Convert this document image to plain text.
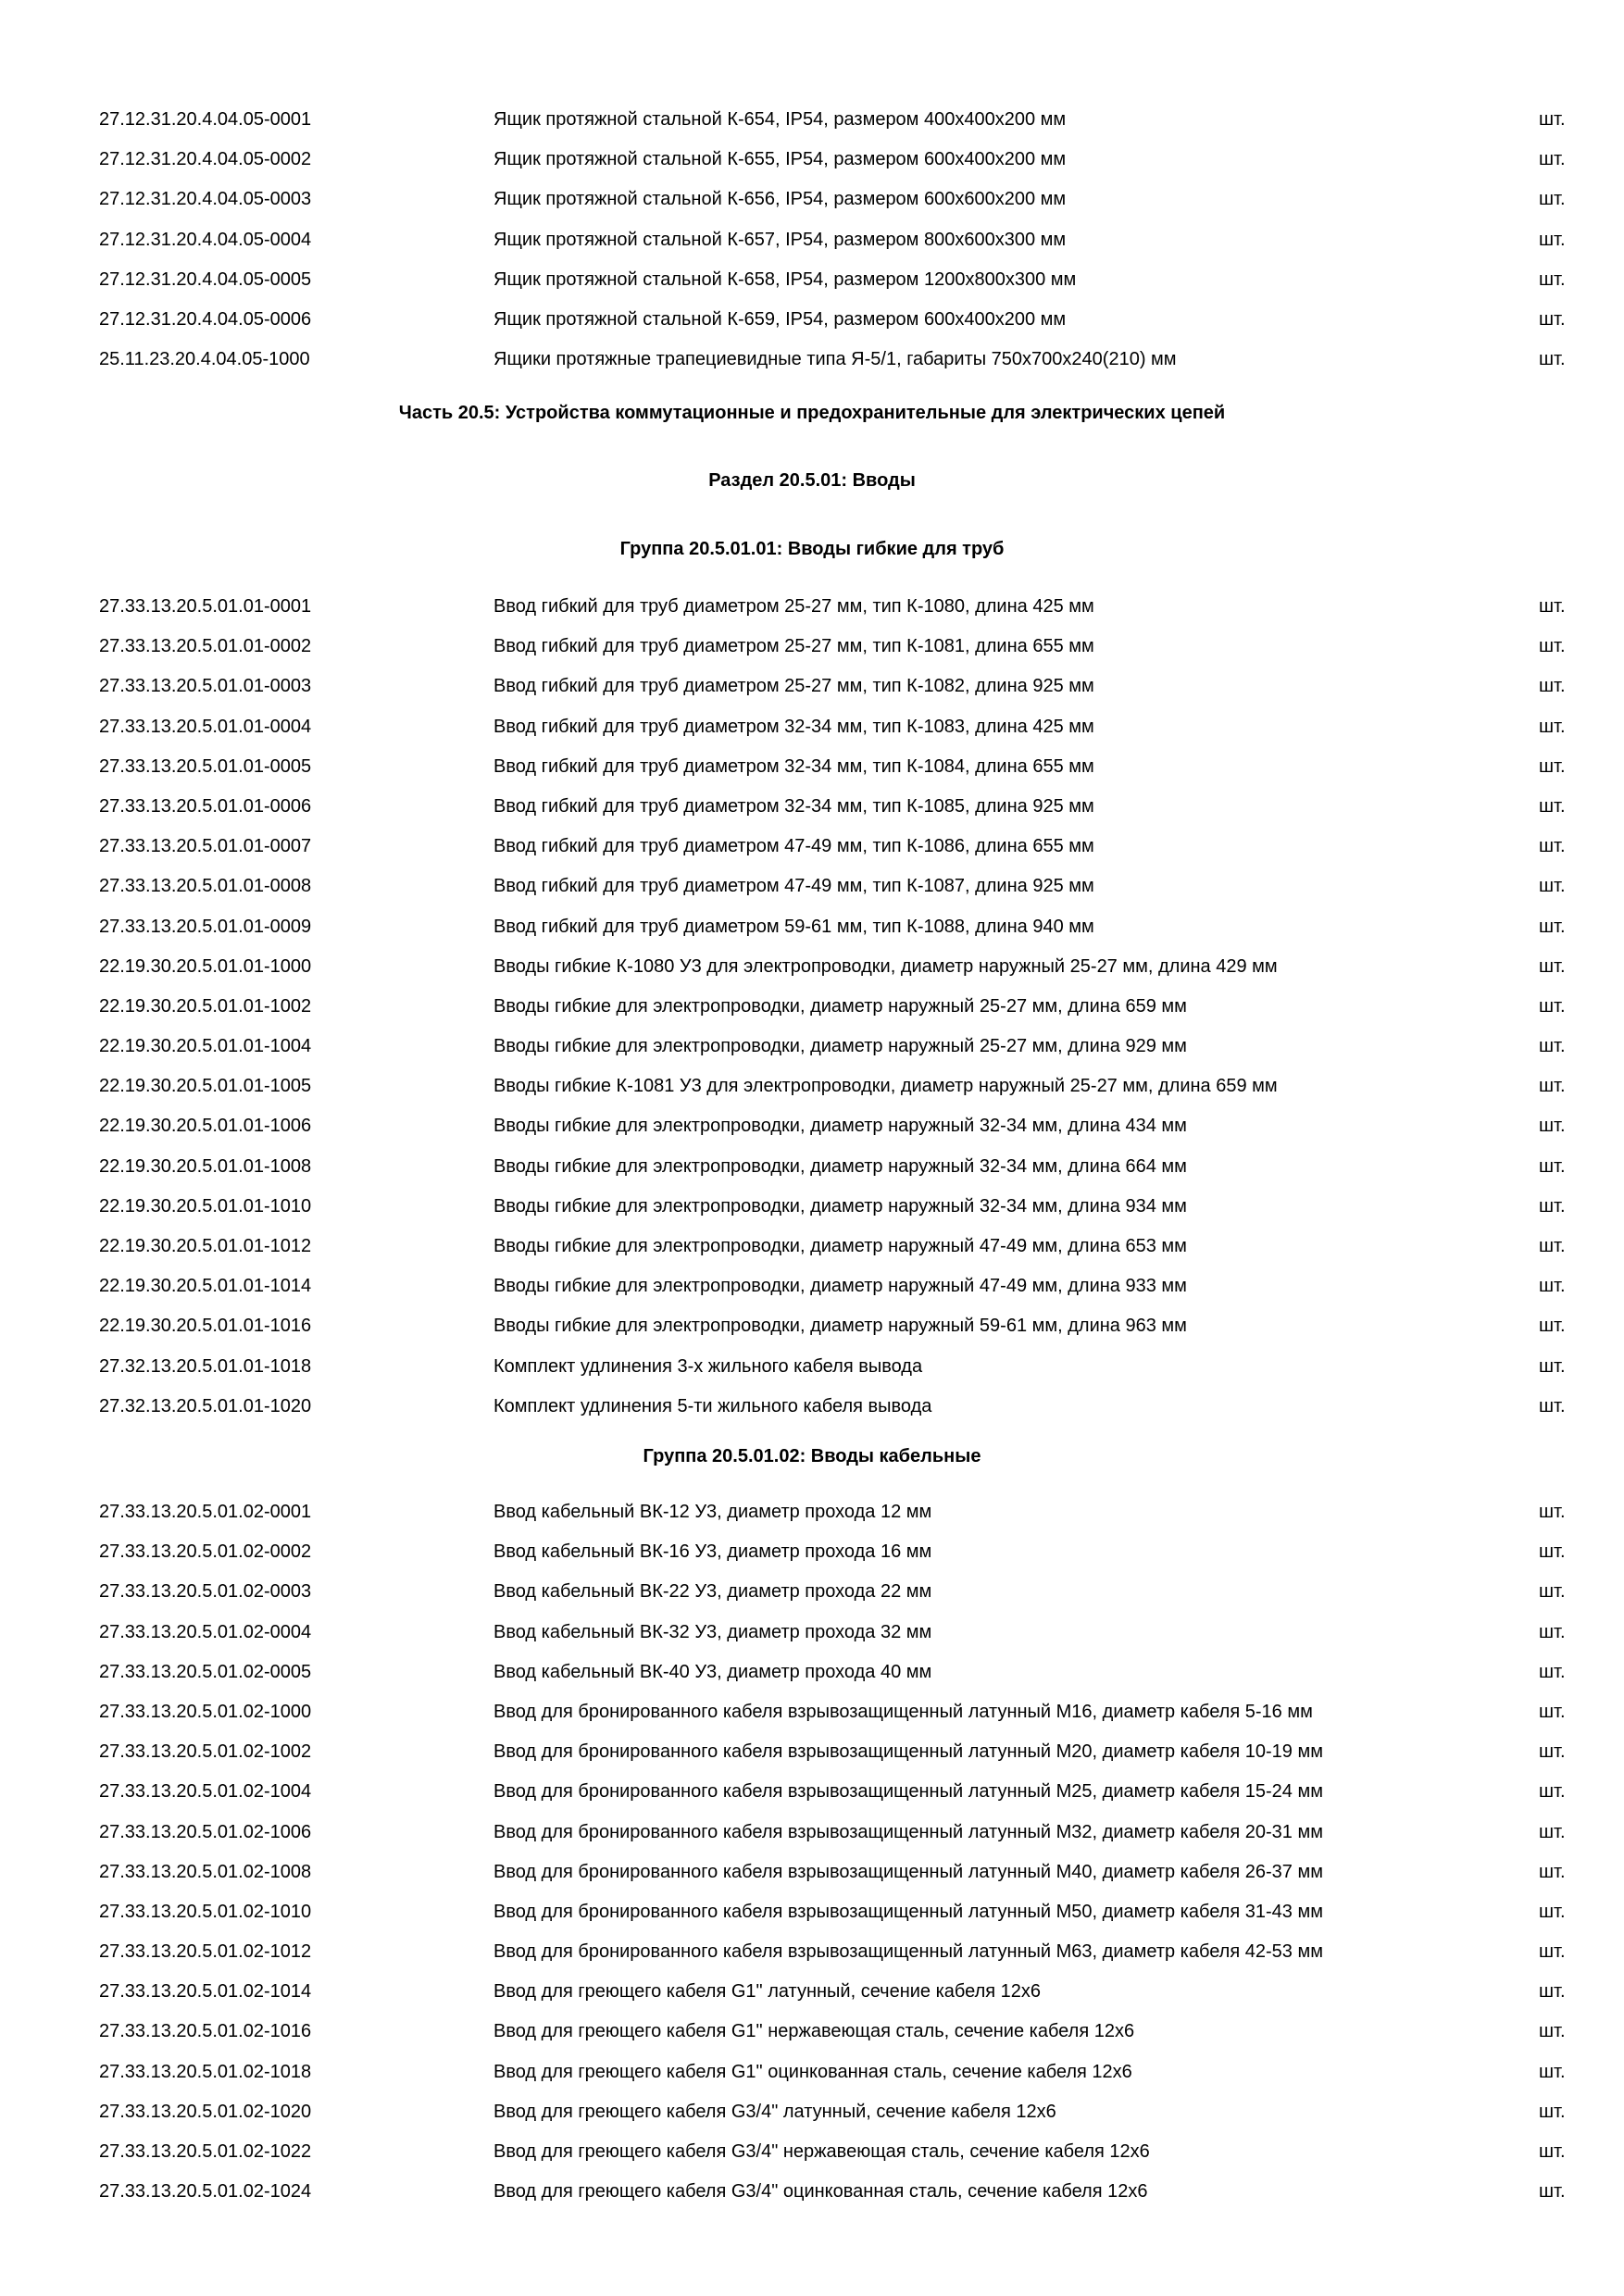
27.12.31.20.4.04.05-0001	Ящик протяжной стальной К-654, IP54, размером 400x400x200 мм	шт.
27.12.31.20.4.04.05-0002	Ящик протяжной стальной К-655, IP54, размером 600x400x200 мм	шт.
27.12.31.20.4.04.05-0003	Ящик протяжной стальной К-656, IP54, размером 600x600x200 мм	шт.
27.12.31.20.4.04.05-0004	Ящик протяжной стальной К-657, IP54, размером 800x600x300 мм	шт.
27.12.31.20.4.04.05-0005	Ящик протяжной стальной К-658, IP54, размером 1200x800x300 мм	шт.
27.12.31.20.4.04.05-0006	Ящик протяжной стальной К-659, IP54, размером 600x400x200 мм	шт.
25.11.23.20.4.04.05-1000	Ящики протяжные трапециевидные типа Я-5/1, габариты 750х700х240(210) мм	шт.
Часть 20.5: Устройства коммутационные и предохранительные для электрических цепей
Раздел 20.5.01: Вводы
Группа 20.5.01.01: Вводы гибкие для труб
27.33.13.20.5.01.01-0001	Ввод гибкий для труб диаметром 25-27 мм, тип К-1080, длина 425 мм	шт.
27.33.13.20.5.01.01-0002	Ввод гибкий для труб диаметром 25-27 мм, тип К-1081, длина 655 мм	шт.
27.33.13.20.5.01.01-0003	Ввод гибкий для труб диаметром 25-27 мм, тип К-1082, длина 925 мм	шт.
27.33.13.20.5.01.01-0004	Ввод гибкий для труб диаметром 32-34 мм, тип К-1083, длина 425 мм	шт.
27.33.13.20.5.01.01-0005	Ввод гибкий для труб диаметром 32-34 мм, тип К-1084, длина 655 мм	шт.
27.33.13.20.5.01.01-0006	Ввод гибкий для труб диаметром 32-34 мм, тип К-1085, длина 925 мм	шт.
27.33.13.20.5.01.01-0007	Ввод гибкий для труб диаметром 47-49 мм, тип К-1086, длина 655 мм	шт.
27.33.13.20.5.01.01-0008	Ввод гибкий для труб диаметром 47-49 мм, тип К-1087, длина 925 мм	шт.
27.33.13.20.5.01.01-0009	Ввод гибкий для труб диаметром 59-61 мм, тип К-1088, длина 940 мм	шт.
22.19.30.20.5.01.01-1000	Вводы гибкие К-1080 У3 для электропроводки, диаметр наружный 25-27 мм, длина 429 мм	шт.
22.19.30.20.5.01.01-1002	Вводы гибкие для электропроводки, диаметр наружный 25-27 мм, длина 659 мм	шт.
22.19.30.20.5.01.01-1004	Вводы гибкие для электропроводки, диаметр наружный 25-27 мм, длина 929 мм	шт.
22.19.30.20.5.01.01-1005	Вводы гибкие К-1081 У3 для электропроводки, диаметр наружный 25-27 мм, длина 659 мм	шт.
22.19.30.20.5.01.01-1006	Вводы гибкие для электропроводки, диаметр наружный 32-34 мм, длина 434 мм	шт.
22.19.30.20.5.01.01-1008	Вводы гибкие для электропроводки, диаметр наружный 32-34 мм, длина 664 мм	шт.
22.19.30.20.5.01.01-1010	Вводы гибкие для электропроводки, диаметр наружный 32-34 мм, длина 934 мм	шт.
22.19.30.20.5.01.01-1012	Вводы гибкие для электропроводки, диаметр наружный 47-49 мм, длина 653 мм	шт.
22.19.30.20.5.01.01-1014	Вводы гибкие для электропроводки, диаметр наружный 47-49 мм, длина 933 мм	шт.
22.19.30.20.5.01.01-1016	Вводы гибкие для электропроводки, диаметр наружный 59-61 мм, длина 963 мм	шт.
27.32.13.20.5.01.01-1018	Комплект удлинения 3-х жильного кабеля вывода	шт.
27.32.13.20.5.01.01-1020	Комплект удлинения 5-ти жильного кабеля вывода	шт.
Группа 20.5.01.02: Вводы кабельные
27.33.13.20.5.01.02-0001	Ввод кабельный ВК-12 У3, диаметр прохода 12 мм	шт.
27.33.13.20.5.01.02-0002	Ввод кабельный ВК-16 У3, диаметр прохода 16 мм	шт.
27.33.13.20.5.01.02-0003	Ввод кабельный ВК-22 У3, диаметр прохода 22 мм	шт.
27.33.13.20.5.01.02-0004	Ввод кабельный ВК-32 У3, диаметр прохода 32 мм	шт.
27.33.13.20.5.01.02-0005	Ввод кабельный ВК-40 У3, диаметр прохода 40 мм	шт.
27.33.13.20.5.01.02-1000	Ввод для бронированного кабеля взрывозащищенный латунный М16, диаметр кабеля 5-16 мм	шт.
27.33.13.20.5.01.02-1002	Ввод для бронированного кабеля взрывозащищенный латунный М20, диаметр кабеля 10-19 мм	шт.
27.33.13.20.5.01.02-1004	Ввод для бронированного кабеля взрывозащищенный латунный М25, диаметр кабеля 15-24 мм	шт.
27.33.13.20.5.01.02-1006	Ввод для бронированного кабеля взрывозащищенный латунный М32, диаметр кабеля 20-31 мм	шт.
27.33.13.20.5.01.02-1008	Ввод для бронированного кабеля взрывозащищенный латунный М40, диаметр кабеля 26-37 мм	шт.
27.33.13.20.5.01.02-1010	Ввод для бронированного кабеля взрывозащищенный латунный М50, диаметр кабеля 31-43 мм	шт.
27.33.13.20.5.01.02-1012	Ввод для бронированного кабеля взрывозащищенный латунный М63, диаметр кабеля 42-53 мм	шт.
27.33.13.20.5.01.02-1014	Ввод для греющего кабеля G1" латунный, сечение кабеля 12x6	шт.
27.33.13.20.5.01.02-1016	Ввод для греющего кабеля G1" нержавеющая сталь, сечение кабеля 12x6	шт.
27.33.13.20.5.01.02-1018	Ввод для греющего кабеля G1" оцинкованная сталь, сечение кабеля 12x6	шт.
27.33.13.20.5.01.02-1020	Ввод для греющего кабеля G3/4" латунный, сечение кабеля 12x6	шт.
27.33.13.20.5.01.02-1022	Ввод для греющего кабеля G3/4" нержавеющая сталь, сечение кабеля 12x6	шт.
27.33.13.20.5.01.02-1024	Ввод для греющего кабеля G3/4" оцинкованная сталь, сечение кабеля 12x6	шт.
